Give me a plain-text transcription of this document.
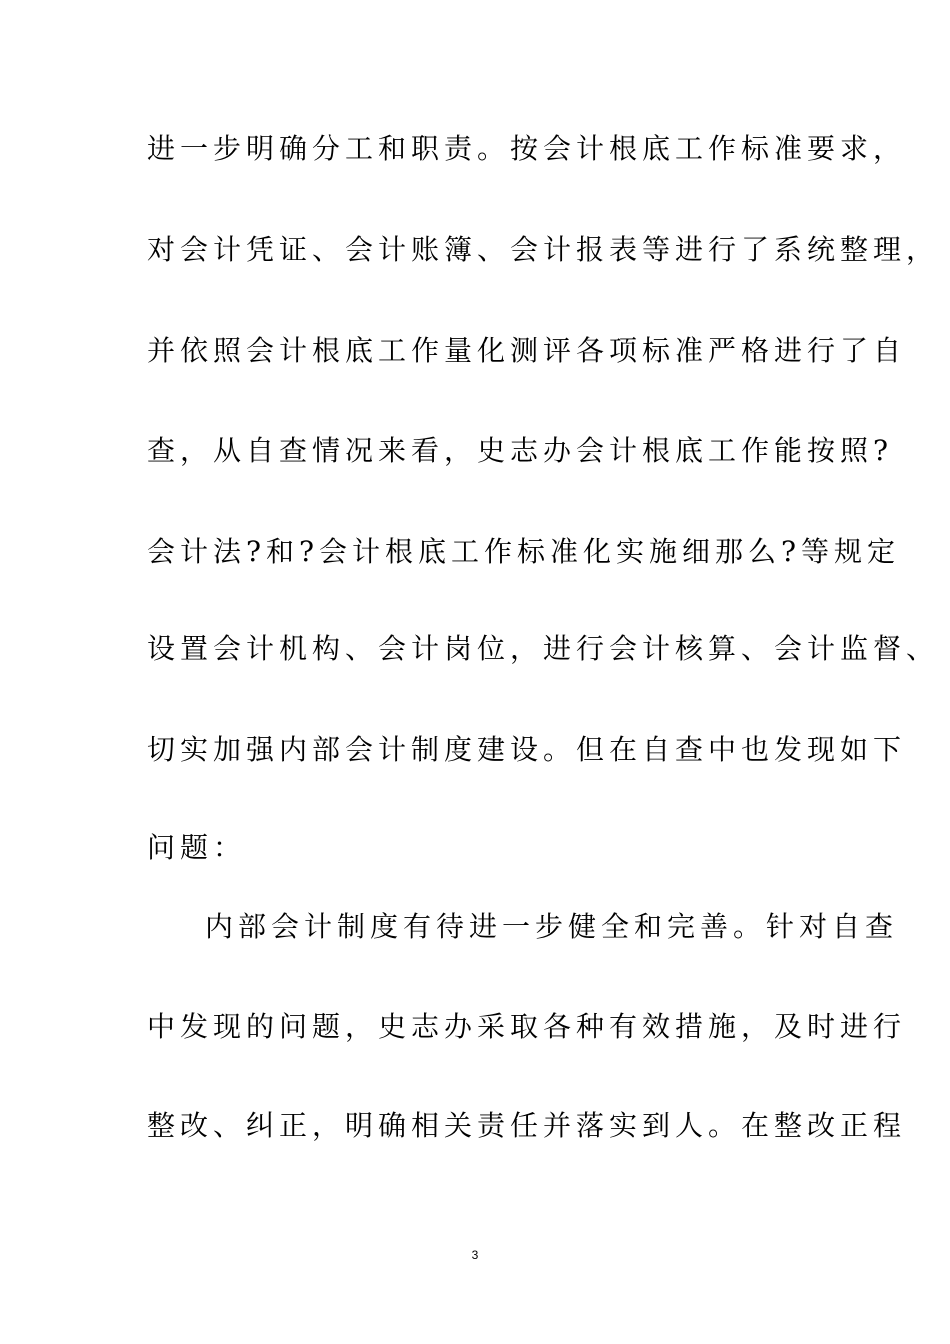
进一步明确分工和职责。按会计根底工作标准要求，
对会计凭证、会计账簿、会计报表等进行了系统整理，
并依照会计根底工作量化测评各项标准严格进行了自
查，从自查情况来看，史志办会计根底工作能按照?
会计法?和?会计根底工作标准化实施细那么?等规定
设置会计机构、会计岗位，进行会计核算、会计监督、
切实加强内部会计制度建设。但在自查中也发现如下
问题：
内部会计制度有待进一步健全和完善。针对自查
中发现的问题，史志办采取各种有效措施，及时进行
整改、纠正，明确相关责任并落实到人。在整改正程
3
